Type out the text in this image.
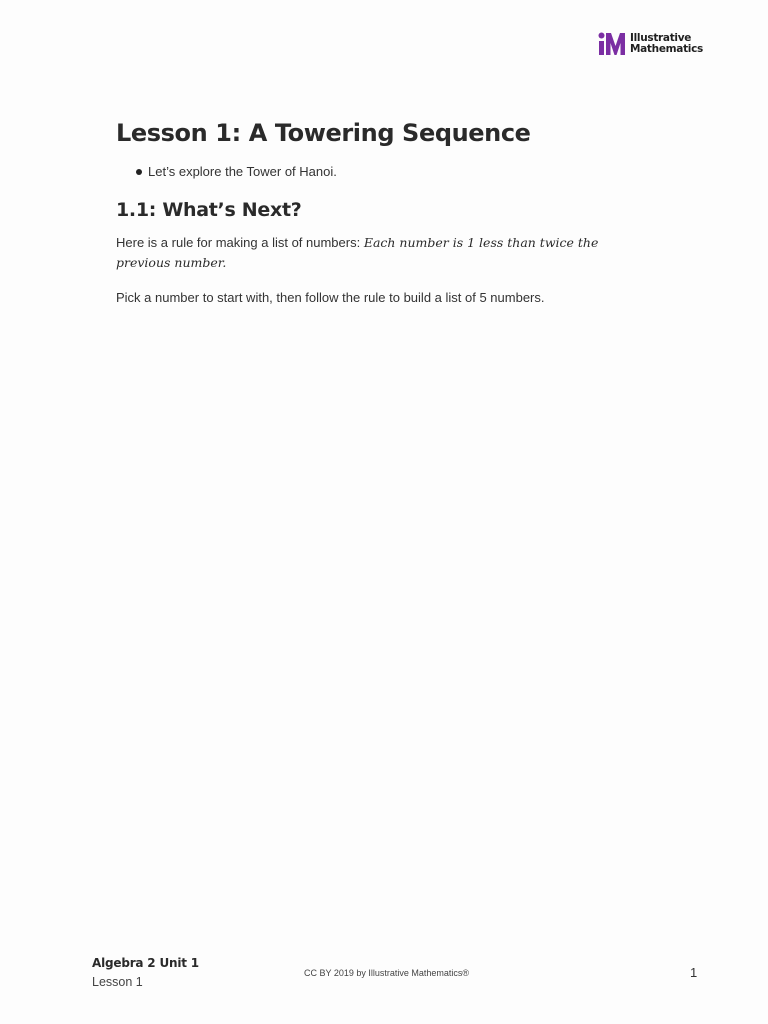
Illustrative
Mathematics
Lesson 1: A Towering Sequence
Let’s explore the Tower of Hanoi.
1.1: What’s Next?

Here is a rule for making a list of numbers: Each number is 1 less than twice the previous number.

Pick a number to start with, then follow the rule to build a list of 5 numbers.

Algebra 2 Unit 1
Lesson 1
CC BY 2019 by Illustrative Mathematics®	1
